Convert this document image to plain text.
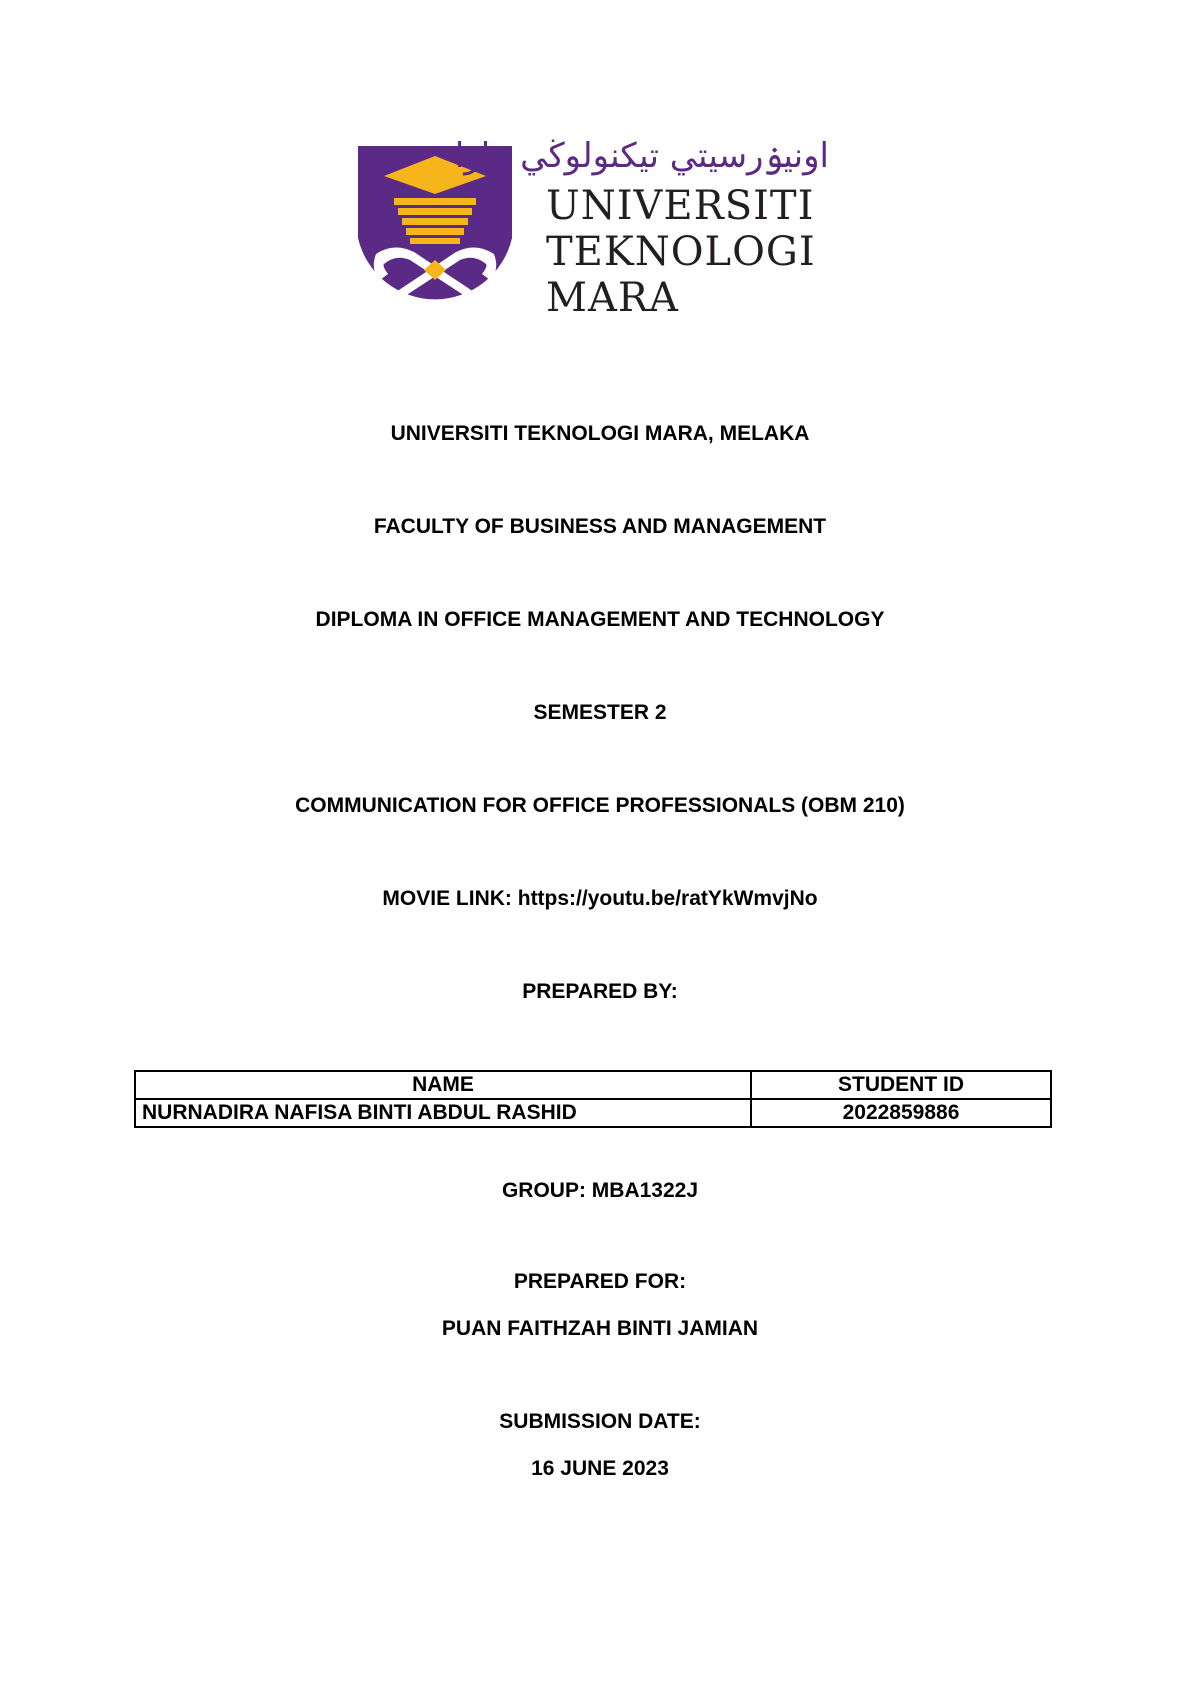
اونيۏرسيتي تيكنولوڬي مارا
UNIVERSITI
TEKNOLOGI
MARA
UNIVERSITI TEKNOLOGI MARA, MELAKA
FACULTY OF BUSINESS AND MANAGEMENT
DIPLOMA IN OFFICE MANAGEMENT AND TECHNOLOGY
SEMESTER 2
COMMUNICATION FOR OFFICE PROFESSIONALS (OBM 210)
MOVIE LINK: https://youtu.be/ratYkWmvjNo
PREPARED BY:
NAME	STUDENT ID
NURNADIRA NAFISA BINTI ABDUL RASHID	2022859886
GROUP: MBA1322J
PREPARED FOR:
PUAN FAITHZAH BINTI JAMIAN
SUBMISSION DATE:
16 JUNE 2023
